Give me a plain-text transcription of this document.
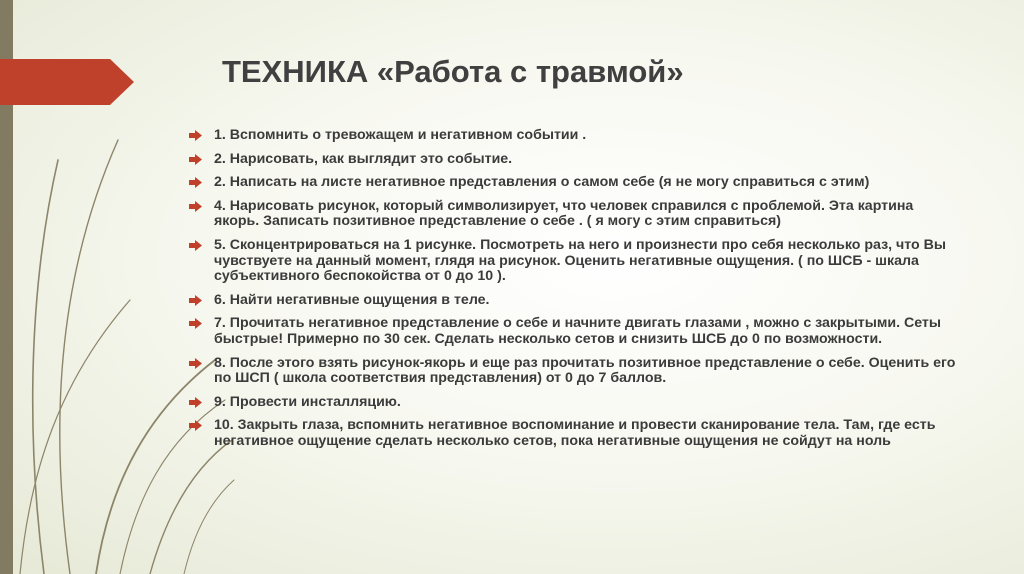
ТЕХНИКА «Работа с травмой»
1. Вспомнить о тревожащем и негативном событии .
2. Нарисовать, как выглядит это событие.
2. Написать на листе негативное представления о самом себе (я не могу справиться с этим)
4. Нарисовать рисунок, который символизирует, что человек справился с проблемой. Эта картина якорь. Записать позитивное представление о себе . ( я могу с этим справиться)
5. Сконцентрироваться на 1 рисунке. Посмотреть на него и произнести про себя несколько раз, что Вы чувствуете на данный момент, глядя на рисунок. Оценить негативные ощущения. ( по ШСБ - шкала субъективного беспокойства от 0 до 10 ).
6. Найти негативные ощущения в теле.
7. Прочитать негативное представление о себе и начните двигать глазами , можно с закрытыми. Сеты быстрые! Примерно по 30 сек. Сделать несколько сетов и снизить ШСБ до 0 по возможности.
8. После этого взять рисунок-якорь и еще раз прочитать позитивное представление о себе. Оценить его по ШСП ( школа соответствия представления) от 0 до 7 баллов.
9. Провести инсталляцию.
10. Закрыть глаза, вспомнить негативное воспоминание и провести сканирование тела. Там, где есть негативное ощущение сделать несколько сетов, пока негативные ощущения не сойдут на ноль
